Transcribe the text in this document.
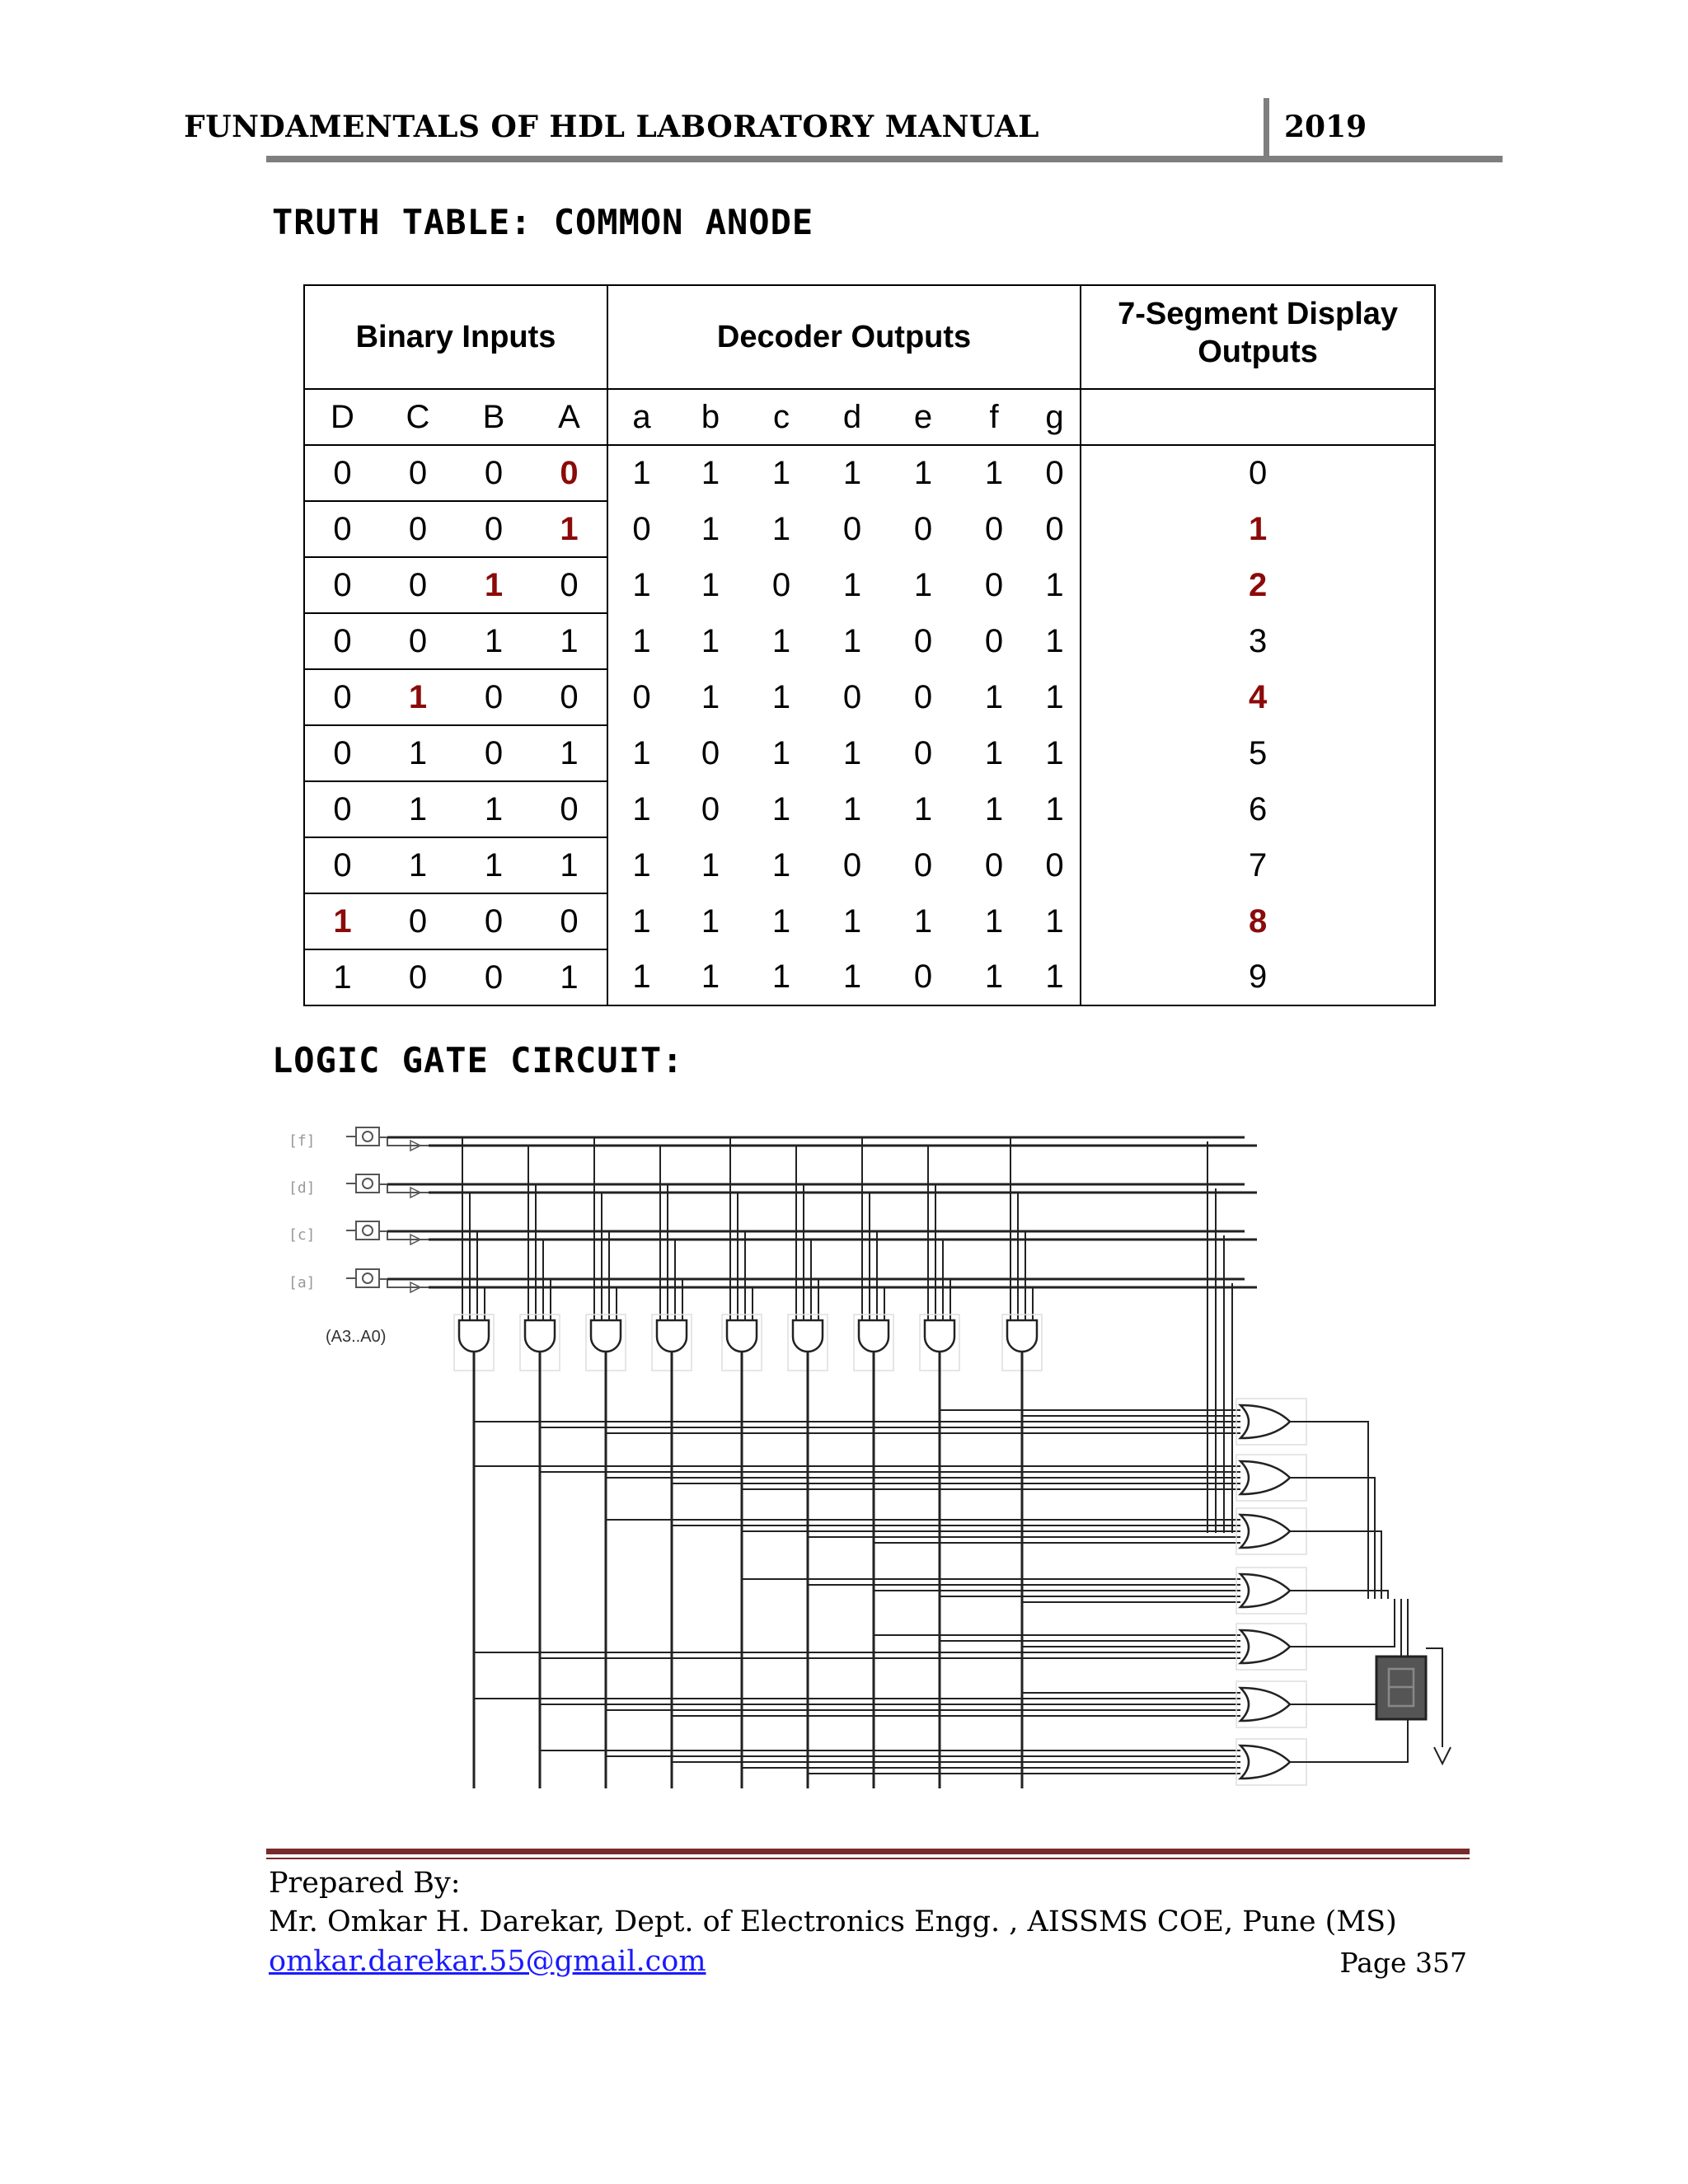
FUNDAMENTALS OF HDL LABORATORY MANUAL	2019
TRUTH TABLE: COMMON ANODE
Binary Inputs				Decoder Outputs							7-Segment Display
Outputs
D	C	B	A	a	b	c	d	e	f	g	
0	0	0	0	1	1	1	1	1	1	0	0
0	0	0	1	0	1	1	0	0	0	0	1
0	0	1	0	1	1	0	1	1	0	1	2
0	0	1	1	1	1	1	1	0	0	1	3
0	1	0	0	0	1	1	0	0	1	1	4
0	1	0	1	1	0	1	1	0	1	1	5
0	1	1	0	1	0	1	1	1	1	1	6
0	1	1	1	1	1	1	0	0	0	0	7
1	0	0	0	1	1	1	1	1	1	1	8
1	0	0	1	1	1	1	1	0	1	1	9
LOGIC GATE CIRCUIT:
[f]
[d]
[c]
[a]
(A3..A0)
Prepared By:
Mr. Omkar H. Darekar, Dept. of Electronics Engg. , AISSMS COE, Pune (MS)
omkar.darekar.55@gmail.com	Page 357
